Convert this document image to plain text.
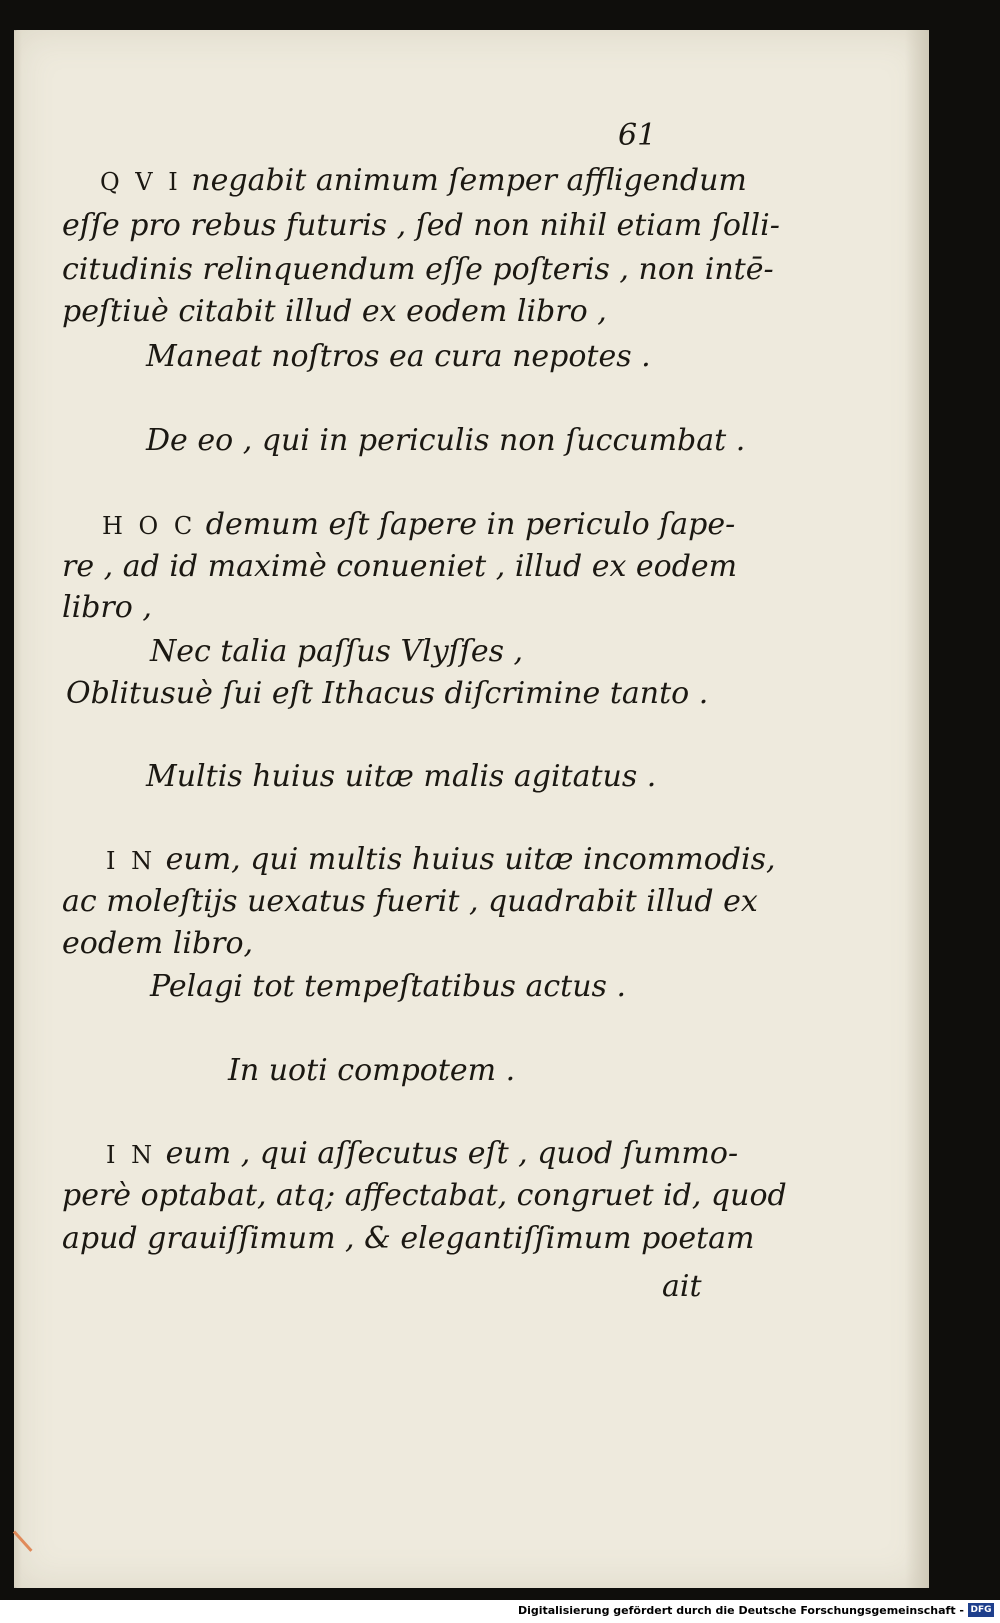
61
Q V I negabit animum ſemper affligendum
eſſe pro rebus futuris , ſed non nihil etiam ſolli-
citudinis relinquendum eſſe poſteris , non intē-
peſtiuè citabit illud ex eodem libro ,
Maneat noſtros ea cura nepotes .
De eo , qui in periculis non ſuccumbat .
H O C demum eſt ſapere in periculo ſape-
re , ad id maximè conueniet , illud ex eodem
libro ,
Nec talia paſſus Vlyſſes ,
Oblitusuè ſui eſt Ithacus diſcrimine tanto .
Multis huius uitæ malis agitatus .
I N eum, qui multis huius uitæ incommodis,
ac moleſtijs uexatus fuerit , quadrabit illud ex
eodem libro,
Pelagi tot tempeſtatibus actus .
In uoti compotem .
I N eum , qui aſſecutus eſt , quod ſummo-
perè optabat, atq; affectabat, congruet id, quod
apud grauiſſimum , & elegantiſſimum poetam
ait
Digitalisierung gefördert durch die Deutsche Forschungsgemeinschaft - DFG
